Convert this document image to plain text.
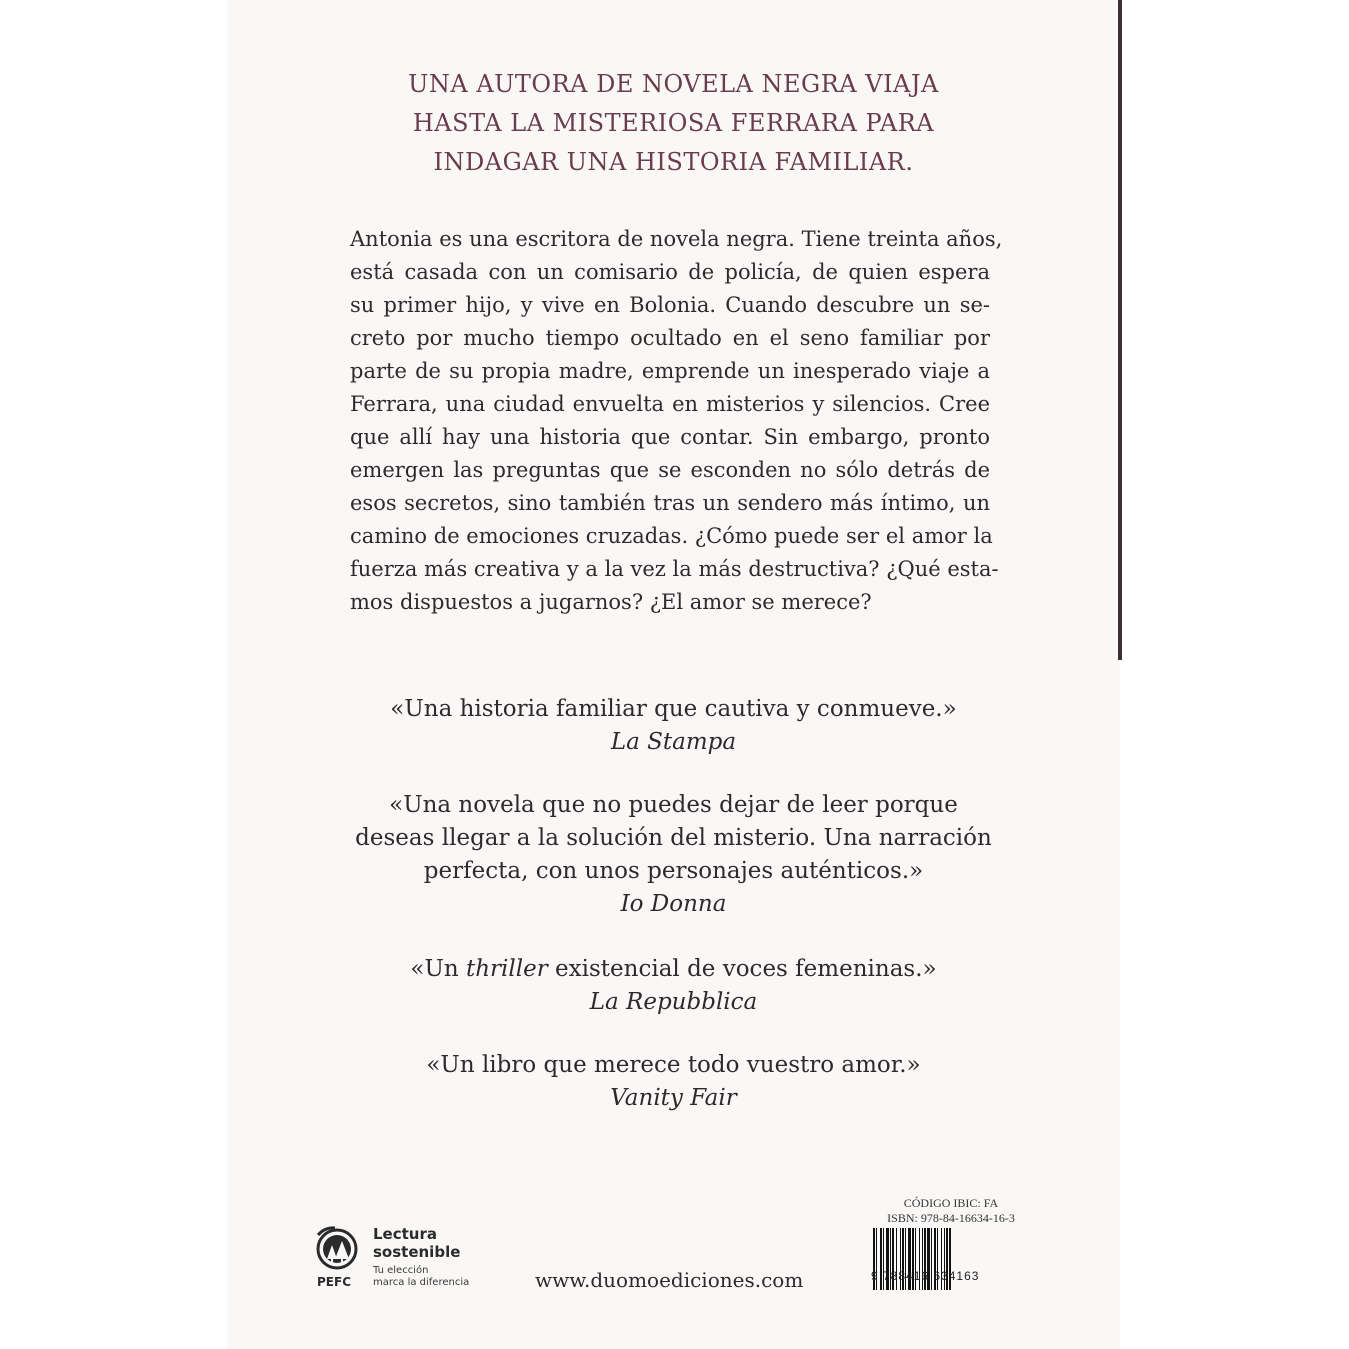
UNA AUTORA DE NOVELA NEGRA VIAJA
HASTA LA MISTERIOSA FERRARA PARA
INDAGAR UNA HISTORIA FAMILIAR.
Antonia es una escritora de novela negra. Tiene treinta años,
está casada con un comisario de policía, de quien espera
su primer hijo, y vive en Bolonia. Cuando descubre un se-
creto por mucho tiempo ocultado en el seno familiar por
parte de su propia madre, emprende un inesperado viaje a
Ferrara, una ciudad envuelta en misterios y silencios. Cree
que allí hay una historia que contar. Sin embargo, pronto
emergen las preguntas que se esconden no sólo detrás de
esos secretos, sino también tras un sendero más íntimo, un
camino de emociones cruzadas. ¿Cómo puede ser el amor la
fuerza más creativa y a la vez la más destructiva? ¿Qué esta-
mos dispuestos a jugarnos? ¿El amor se merece?
«Una historia familiar que cautiva y conmueve.»
La Stampa
«Una novela que no puedes dejar de leer porque
deseas llegar a la solución del misterio. Una narración
perfecta, con unos personajes auténticos.»
Io Donna
«Un thriller existencial de voces femeninas.»
La Repubblica
«Un libro que merece todo vuestro amor.»
Vanity Fair
PEFC
Lectura
sostenible
Tu elección
marca la diferencia	www.duomoediciones.com
CÓDIGO IBIC: FA
ISBN: 978-84-16634-16-3
9 788416 634163
